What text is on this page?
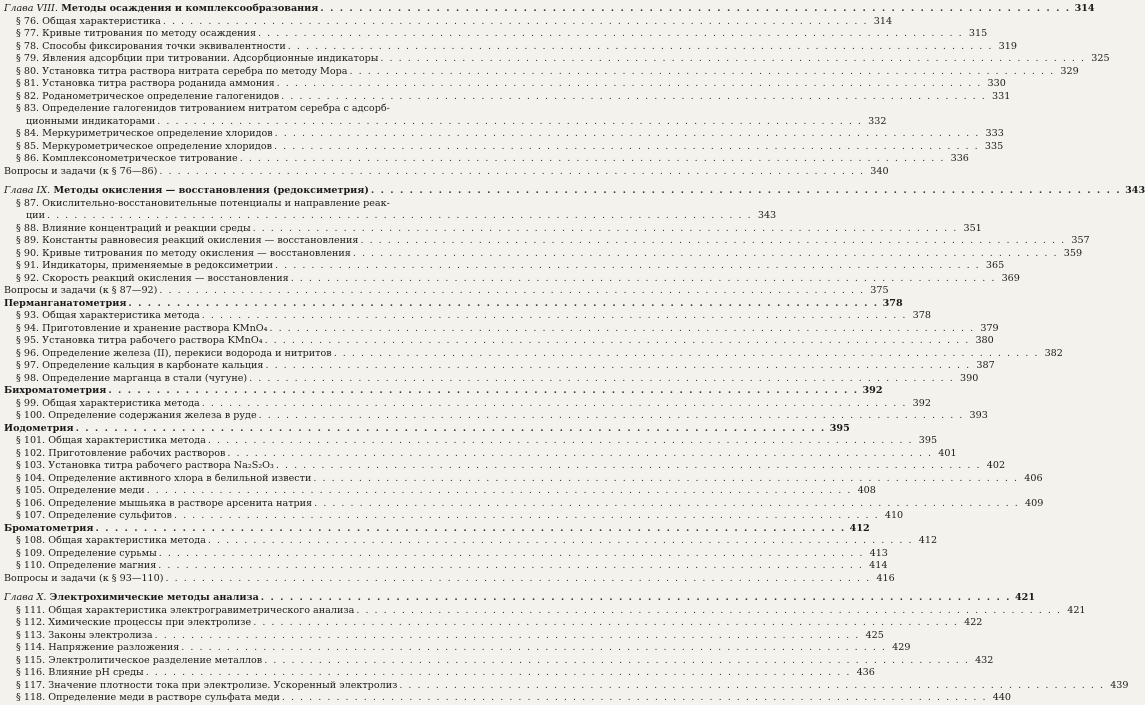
Глава VIII. Методы осаждения и комплексообразования . . .	314
§ 76. Общая характеристика . . .	314
§ 77. Кривые титрования по методу осаждения . . .	315
§ 78. Способы фиксирования точки эквивалентности . . .	319
§ 79. Явления адсорбции при титровании. Адсорбционные индикаторы . . .	325
§ 80. Установка титра раствора нитрата серебра по методу Мора . . .	329
§ 81. Установка титра раствора роданида аммония . . .	330
§ 82. Роданометрическое определение галогенидов . . .	331
§ 83. Определение галогенидов титрованием нитратом серебра с адсорб-
ционными индикаторами . . .	332
§ 84. Меркуриметрическое определение хлоридов . . .	333
§ 85. Меркурометрическое определение хлоридов . . .	335
§ 86. Комплексонометрическое титрование . . .	336
Вопросы и задачи (к § 76—86) . . .	340
Глава IX. Методы окисления — восстановления (редоксиметрия) . . .	343
§ 87. Окислительно-восстановительные потенциалы и направление реак-
ции . . .	343
§ 88. Влияние концентраций и реакции среды . . .	351
§ 89. Константы равновесия реакций окисления — восстановления . . .	357
§ 90. Кривые титрования по методу окисления — восстановления . . .	359
§ 91. Индикаторы, применяемые в редоксиметрии . . .	365
§ 92. Скорость реакций окисления — восстановления . . .	369
Вопросы и задачи (к § 87—92) . . .	375
Перманганатометрия . . .	378
§ 93. Общая характеристика метода . . .	378
§ 94. Приготовление и хранение раствора KMnO₄ . . .	379
§ 95. Установка титра рабочего раствора KMnO₄ . . .	380
§ 96. Определение железа (II), перекиси водорода и нитритов . . .	382
§ 97. Определение кальция в карбонате кальция . . .	387
§ 98. Определение марганца в стали (чугуне) . . .	390
Бихроматометрия . . .	392
§ 99. Общая характеристика метода . . .	392
§ 100. Определение содержания железа в руде . . .	393
Иодометрия . . .	395
§ 101. Общая характеристика метода . . .	395
§ 102. Приготовление рабочих растворов . . .	401
§ 103. Установка титра рабочего раствора Na₂S₂O₃ . . .	402
§ 104. Определение активного хлора в белильной извести . . .	406
§ 105. Определение меди . . .	408
§ 106. Определение мышьяка в растворе арсенита натрия . . .	409
§ 107. Определение сульфитов . . .	410
Броматометрия . . .	412
§ 108. Общая характеристика метода . . .	412
§ 109. Определение сурьмы . . .	413
§ 110. Определение магния . . .	414
Вопросы и задачи (к § 93—110) . . .	416
Глава X. Электрохимические методы анализа . . .	421
§ 111. Общая характеристика электрогравиметрического анализа . . .	421
§ 112. Химические процессы при электролизе . . .	422
§ 113. Законы электролиза . . .	425
§ 114. Напряжение разложения . . .	429
§ 115. Электролитическое разделение металлов . . .	432
§ 116. Влияние pH среды . . .	436
§ 117. Значение плотности тока при электролизе. Ускоренный электролиз . . .	439
§ 118. Определение меди в растворе сульфата меди . . .	440
